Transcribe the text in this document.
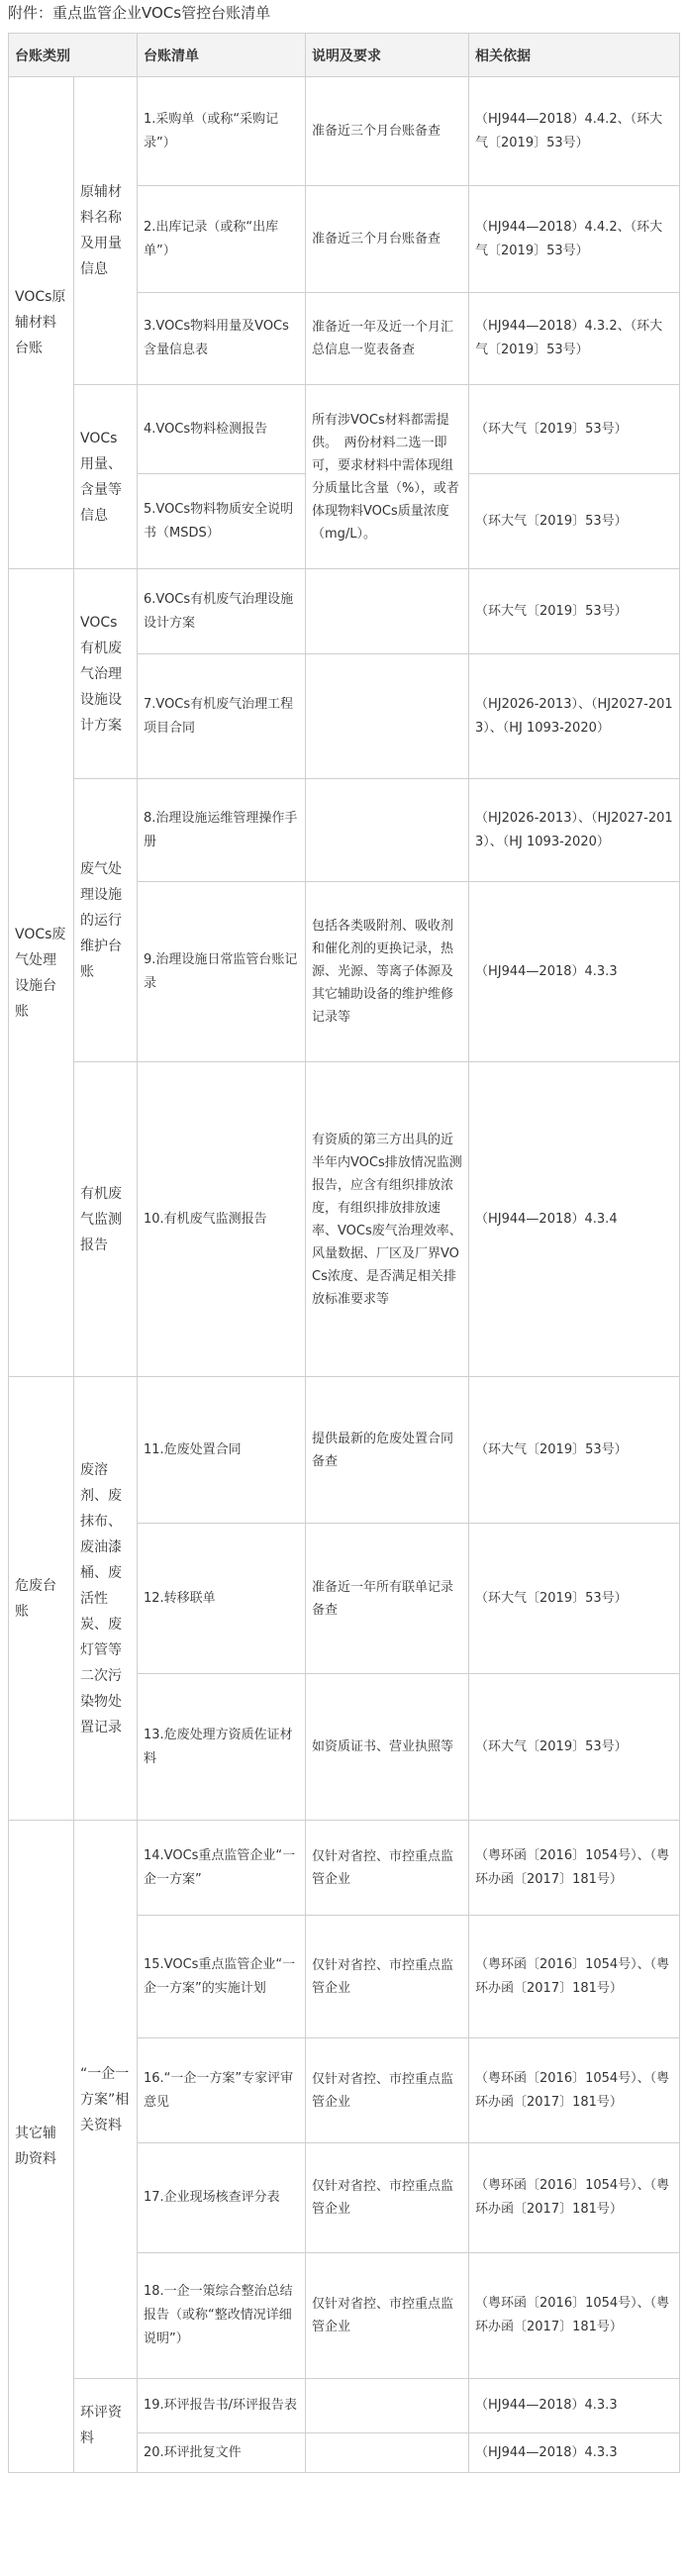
附件：重点监管企业VOCs管控台账清单
台账类别		台账清单	说明及要求	相关依据
VOCs原辅材料台账	原辅材料名称及用量信息	1.采购单（或称“采购记录”）	准备近三个月台账备查	（HJ944—2018）4.4.2、（环大气〔2019〕53号）
		2.出库记录（或称“出库单”）	准备近三个月台账备查	（HJ944—2018）4.4.2、（环大气〔2019〕53号）
		3.VOCs物料用量及VOCs含量信息表	准备近一年及近一个月汇总信息一览表备查	（HJ944—2018）4.3.2、（环大气〔2019〕53号）
	VOCs用量、含量等信息	4.VOCs物料检测报告	所有涉VOCs材料都需提供。　两份材料二选一即可，要求材料中需体现组分质量比含量（%），或者体现物料VOCs质量浓度（mg/L）。	（环大气〔2019〕53号）
		5.VOCs物料物质安全说明书（MSDS）		（环大气〔2019〕53号）
VOCs废气处理设施台账	VOCs有机废气治理设施设计方案	6.VOCs有机废气治理设施设计方案		（环大气〔2019〕53号）
		7.VOCs有机废气治理工程项目合同		（HJ2026-2013）、（HJ2027-2013）、（HJ 1093-2020）
	废气处理设施的运行维护台账	8.治理设施运维管理操作手册		（HJ2026-2013）、（HJ2027-2013）、（HJ 1093-2020）
		9.治理设施日常监管台账记录	包括各类吸附剂、吸收剂和催化剂的更换记录，热源、光源、等离子体源及其它辅助设备的维护维修记录等	（HJ944—2018）4.3.3
	有机废气监测报告	10.有机废气监测报告	有资质的第三方出具的近半年内VOCs排放情况监测报告，应含有组织排放浓度，有组织排放排放速率、VOCs废气治理效率、风量数据、厂区及厂界VOCs浓度、是否满足相关排放标准要求等	（HJ944—2018）4.3.4
危废台账	废溶剂、废抹布、废油漆桶、废活性炭、废灯管等二次污染物处置记录	11.危废处置合同	提供最新的危废处置合同备查	（环大气〔2019〕53号）
		12.转移联单	准备近一年所有联单记录备查	（环大气〔2019〕53号）
		13.危废处理方资质佐证材料	如资质证书、营业执照等	（环大气〔2019〕53号）
其它辅助资料	“一企一方案”相关资料	14.VOCs重点监管企业“一企一方案”	仅针对省控、市控重点监管企业	（粤环函〔2016〕1054号）、（粤环办函〔2017〕181号）
		15.VOCs重点监管企业“一企一方案”的实施计划	仅针对省控、市控重点监管企业	（粤环函〔2016〕1054号）、（粤环办函〔2017〕181号）
		16.“一企一方案”专家评审意见	仅针对省控、市控重点监管企业	（粤环函〔2016〕1054号）、（粤环办函〔2017〕181号）
		17.企业现场核查评分表	仅针对省控、市控重点监管企业	（粤环函〔2016〕1054号）、（粤环办函〔2017〕181号）
		18.一企一策综合整治总结报告（或称“整改情况详细说明”）	仅针对省控、市控重点监管企业	（粤环函〔2016〕1054号）、（粤环办函〔2017〕181号）
	环评资料	19.环评报告书/环评报告表		（HJ944—2018）4.3.3
		20.环评批复文件		（HJ944—2018）4.3.3
